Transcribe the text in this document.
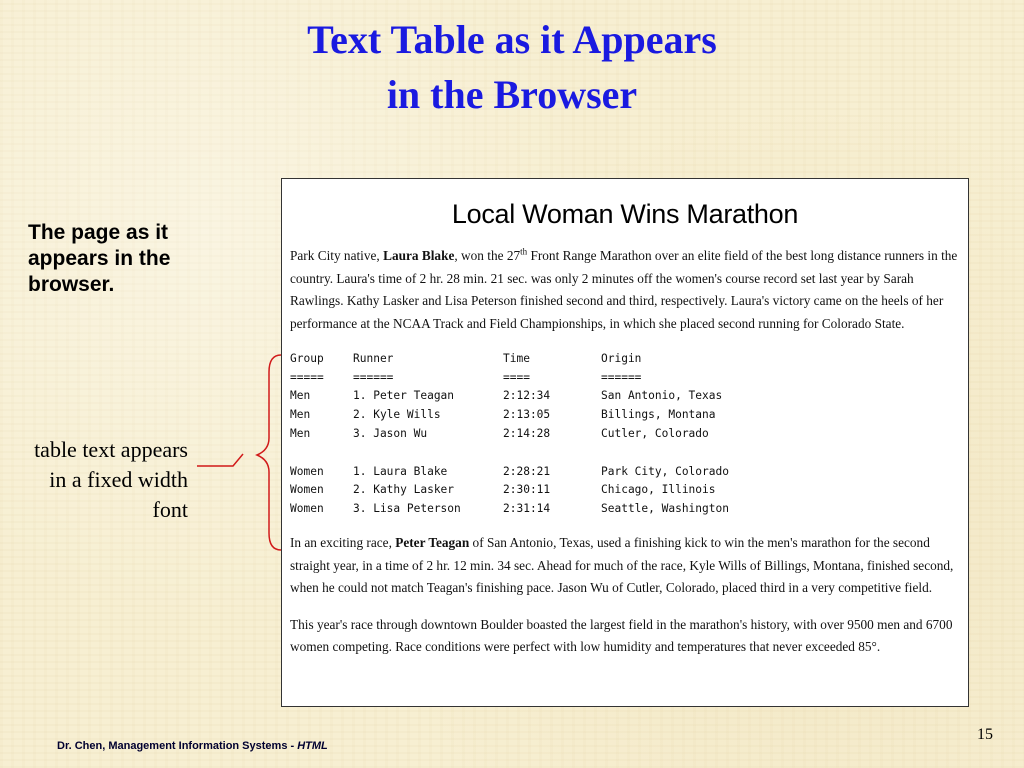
Text Table as it Appears
in the Browser
The page as it appears in the browser.
table text appears in a fixed width font
Local Woman Wins Marathon

Park City native, Laura Blake, won the 27th Front Range Marathon over an elite field of the best long distance runners in the country. Laura's time of 2 hr. 28 min. 21 sec. was only 2 minutes off the women's course record set last year by Sarah Rawlings. Kathy Lasker and Lisa Peterson finished second and third, respectively. Laura's victory came on the heels of her performance at the NCAA Track and Field Championships, in which she placed second running for Colorado State.

Group	Runner	Time	Origin
=====	======	====	======
Men	1. Peter Teagan	2:12:34	San Antonio, Texas
Men	2. Kyle Wills	2:13:05	Billings, Montana
Men	3. Jason Wu	2:14:28	Cutler, Colorado

Women	1. Laura Blake	2:28:21	Park City, Colorado
Women	2. Kathy Lasker	2:30:11	Chicago, Illinois
Women	3. Lisa Peterson	2:31:14	Seattle, Washington

In an exciting race, Peter Teagan of San Antonio, Texas, used a finishing kick to win the men's marathon for the second straight year, in a time of 2 hr. 12 min. 34 sec. Ahead for much of the race, Kyle Wills of Billings, Montana, finished second, when he could not match Teagan's finishing pace. Jason Wu of Cutler, Colorado, placed third in a very competitive field.

This year's race through downtown Boulder boasted the largest field in the marathon's history, with over 9500 men and 6700 women competing. Race conditions were perfect with low humidity and temperatures that never exceeded 85°.

Dr. Chen, Management Information Systems - HTML
15
